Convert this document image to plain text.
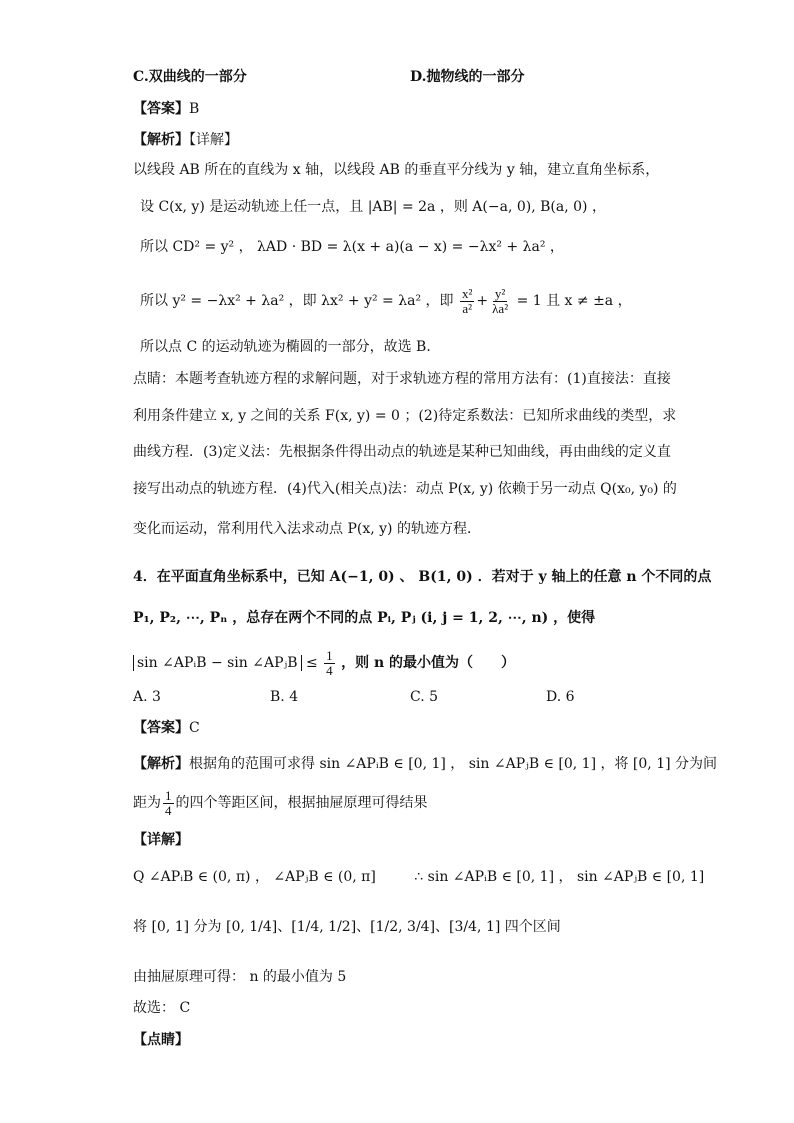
C.双曲线的一部分	D.抛物线的一部分
【答案】B
【解析】【详解】
以线段 AB 所在的直线为 x 轴，以线段 AB 的垂直平分线为 y 轴，建立直角坐标系，
设 C(x, y) 是运动轨迹上任一点，且 |AB| = 2a ，则 A(−a, 0), B(a, 0) ，
所以 CD² = y² ， λAD · BD = λ(x + a)(a − x) = −λx² + λa² ，
所以 y² = −λx² + λa² ，即 λx² + y² = λa² ，即 $\frac{\text{x²}}{\text{a²}} + \frac{\text{y²}}{\text{λa²}} = 1$ 且 x ≠ ±a ，
所以点 C 的运动轨迹为椭圆的一部分，故选 B．
点睛：本题考查轨迹方程的求解问题，对于求轨迹方程的常用方法有：(1)直接法：直接
利用条件建立 x, y 之间的关系 F(x, y) = 0 ；(2)待定系数法：已知所求曲线的类型，求
曲线方程．(3)定义法：先根据条件得出动点的轨迹是某种已知曲线，再由曲线的定义直
接写出动点的轨迹方程．(4)代入(相关点)法：动点 P(x, y) 依赖于另一动点 Q(x₀, y₀) 的
变化而运动，常利用代入法求动点 P(x, y) 的轨迹方程．
4．在平面直角坐标系中，已知 A(−1, 0) 、 B(1, 0) ．若对于 y 轴上的任意 n 个不同的点
P₁, P₂, ⋯, Pₙ ，总存在两个不同的点 Pᵢ, Pⱼ (i, j = 1, 2, ⋯, n) ，使得
sin ∠APᵢB − sin ∠APⱼB ≤ $\frac{1}{4}$ ，则 n 的最小值为（　　）
A. 3	B. 4	C. 5	D. 6
【答案】C
【解析】根据角的范围可求得 sin ∠APᵢB ∈ [0, 1] ， sin ∠APⱼB ∈ [0, 1] ，将 [0, 1] 分为间
距为 $\frac{1}{4}$ 的四个等距区间，根据抽屉原理可得结果
【详解】
Q ∠APᵢB ∈ (0, π) ， ∠APⱼB ∈ (0, π]	∴ sin ∠APᵢB ∈ [0, 1] ， sin ∠APⱼB ∈ [0, 1]
将 [0, 1] 分为 [0, 1/4]、[1/4, 1/2]、[1/2, 3/4]、[3/4, 1] 四个区间
由抽屉原理可得： n 的最小值为 5
故选： C
【点睛】
